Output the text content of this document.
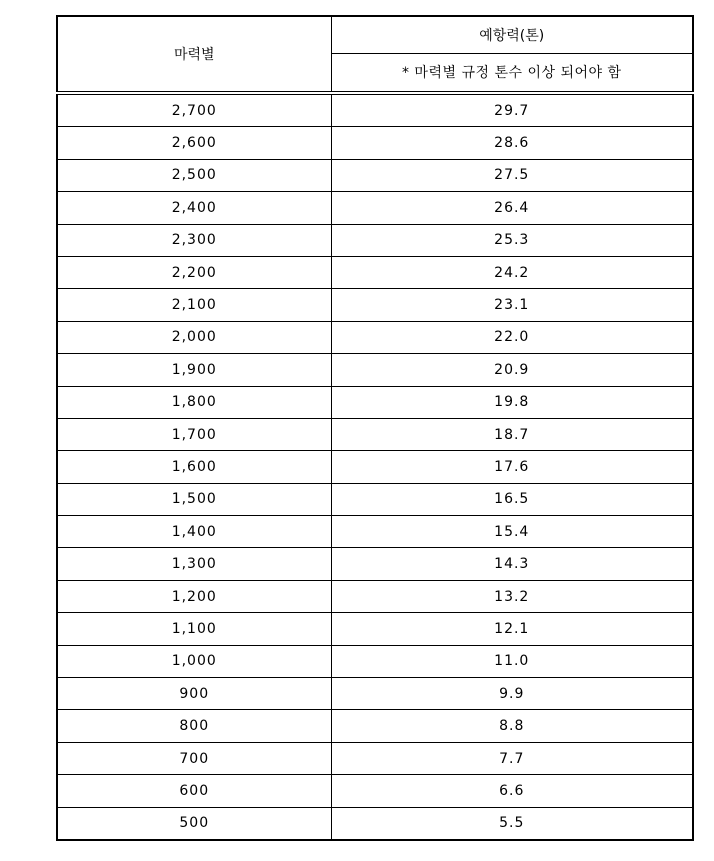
마력별	예항력(톤)
	* 마력별 규정 톤수 이상 되어야 함
2,700	29.7
2,600	28.6
2,500	27.5
2,400	26.4
2,300	25.3
2,200	24.2
2,100	23.1
2,000	22.0
1,900	20.9
1,800	19.8
1,700	18.7
1,600	17.6
1,500	16.5
1,400	15.4
1,300	14.3
1,200	13.2
1,100	12.1
1,000	11.0
900	9.9
800	8.8
700	7.7
600	6.6
500	5.5
